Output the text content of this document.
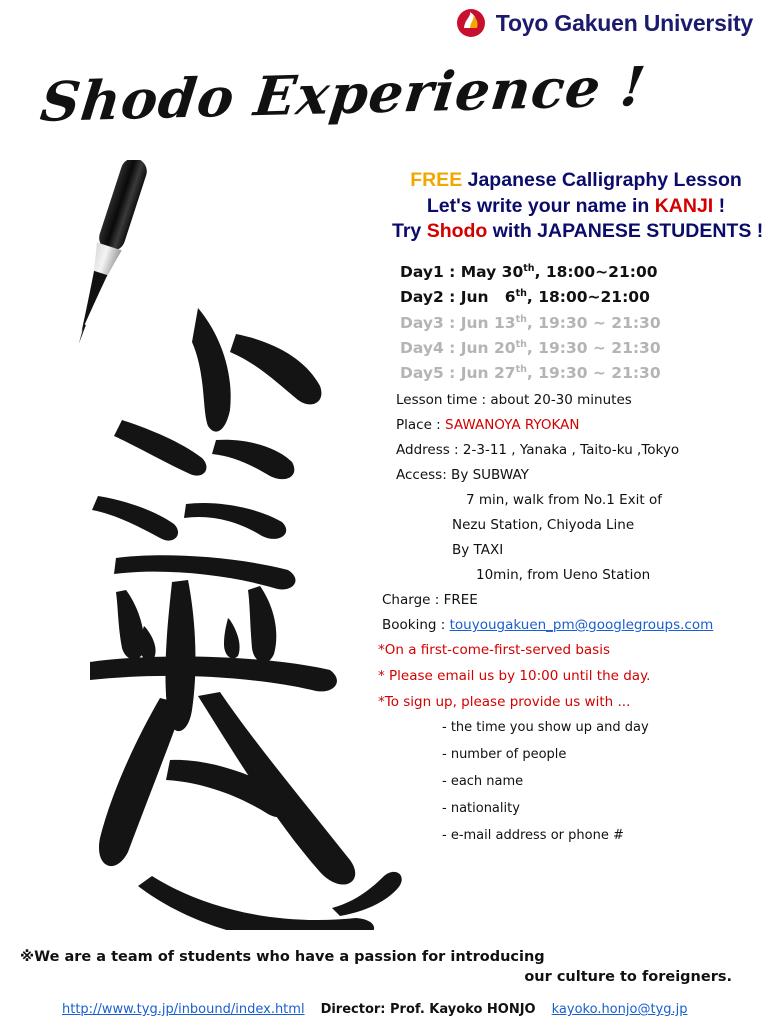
Toyo Gakuen University
Shodo Experience !
FREE Japanese Calligraphy Lesson
Let's write your name in KANJI !
Try Shodo with JAPANESE STUDENTS !
Day1 : May 30th, 18:00~21:00
Day2 : Jun 6th, 18:00~21:00
Day3 : Jun 13th, 19:30 ~ 21:30
Day4 : Jun 20th, 19:30 ~ 21:30
Day5 : Jun 27th, 19:30 ~ 21:30
Lesson time : about 20-30 minutes
Place : SAWANOYA RYOKAN
Address : 2-3-11 , Yanaka , Taito-ku ,Tokyo
Access: By SUBWAY
7 min, walk from No.1 Exit of
Nezu Station, Chiyoda Line
By TAXI
10min, from Ueno Station
Charge : FREE
Booking : touyougakuen_pm@googlegroups.com
*On a first-come-first-served basis
* Please email us by 10:00 until the day.
*To sign up, please provide us with ...
- the time you show up and day
- number of people
- each name
- nationality
- e-mail address or phone #
※We are a team of students who have a passion for introducing
our culture to foreigners.
http://www.tyg.jp/inbound/index.html Director: Prof. Kayoko HONJO kayoko.honjo@tyg.jp
